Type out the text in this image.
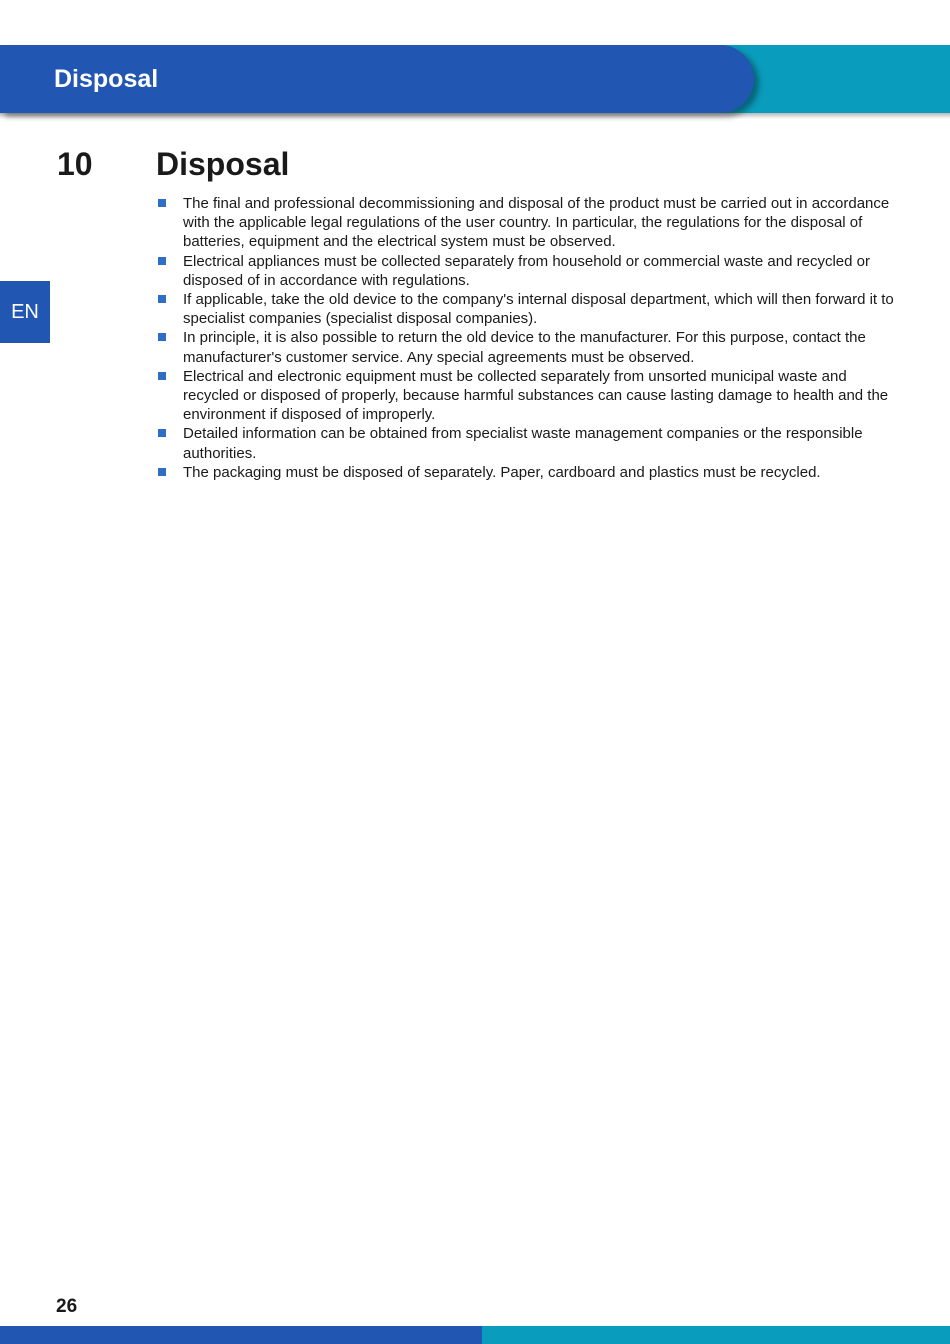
Disposal
EN
10 Disposal
The final and professional decommissioning and disposal of the product must be carried out in accordance with the applicable legal regulations of the user country. In particular, the regulations for the disposal of batteries, equipment and the electrical system must be observed.
Electrical appliances must be collected separately from household or commercial waste and recycled or disposed of in accordance with regulations.
If applicable, take the old device to the company's internal disposal department, which will then forward it to specialist companies (specialist disposal companies).
In principle, it is also possible to return the old device to the manufacturer. For this purpose, contact the manufacturer's customer service. Any special agreements must be observed.
Electrical and electronic equipment must be collected separately from unsorted municipal waste and recycled or disposed of properly, because harmful substances can cause lasting damage to health and the environment if disposed of improperly.
Detailed information can be obtained from specialist waste management companies or the responsible authorities.
The packaging must be disposed of separately. Paper, cardboard and plastics must be recycled.
26
